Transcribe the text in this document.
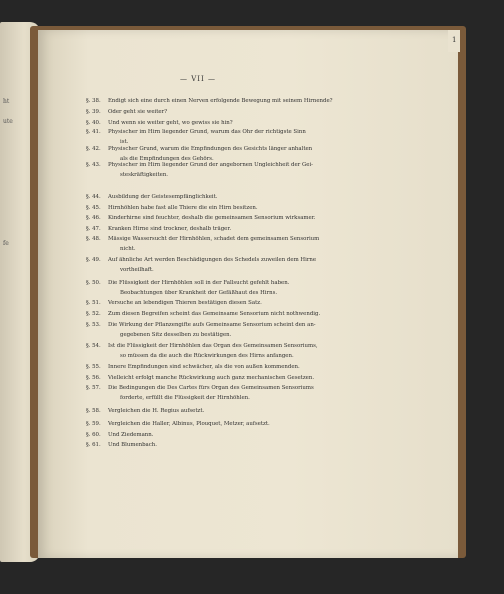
ht
ute
fe
1
— VII —
§. 38. Endigt sich eine durch einen Nerven erfolgende Bewegung mit seinem Hirnende?
§. 39. Oder geht sie weiter?
§. 40. Und wenn sie weiter geht, wo gewiss sie hin?
§. 41. Physischer im Hirn liegender Grund, warum das Ohr der richtigste Sinn
ist.
§. 42. Physischer Grund, warum die Empfindungen des Gesichts länger anhalten
als die Empfindungen des Gehörs.
§. 43. Physischer im Hirn liegender Grund der angebornen Ungleichheit der Gei-
steskräftigkeiten.
§. 44. Ausbildung der Geistesempfänglichkeit.
§. 45. Hirnhöhlen habe fast alle Thiere die ein Hirn besitzen.
§. 46. Kinderhirne sind feuchter, deshalb die gemeinsamen Sensorium wirksamer.
§. 47. Kranken Hirne sind trockner, deshalb träger.
§. 48. Mässige Wassersucht der Hirnhöhlen, schadet dem gemeinsamen Sensorium
nicht.
§. 49. Auf ähnliche Art werden Beschädigungen des Schedels zuweilen dem Hirne
vortheilhaft.
§. 50. Die Flüssigkeit der Hirnhöhlen soll in der Fallsucht gefehlt haben.
Beobachtungen über Krankheit der Gefäßhaut des Hirns.
§. 51. Versuche an lebendigen Thieren bestätigen diesen Satz.
§. 52. Zum diesen Begreifen scheint das Gemeinsame Sensorium nicht nothwendig.
§. 53. Die Wirkung der Pflanzengifte aufs Gemeinsame Sensorium scheint den an-
gegebenen Sitz desselben zu bestätigen.
§. 54. Ist die Flüssigkeit der Hirnhöhlen das Organ des Gemeinsamen Sensoriums,
so müssen da die auch die Rückwirkungen des Hirns anfangen.
§. 55. Innere Empfindungen sind schwächer, als die von außen kommenden.
§. 56. Vielleicht erfolgt manche Rückwirkung auch ganz mechanischen Gesetzen.
§. 57. Die Bedingungen die Des Cartes fürs Organ des Gemeinsamen Sensoriums
forderte, erfüllt die Flüssigkeit der Hirnhöhlen.
§. 58. Vergleichen die H. Regius aufsetzt.
§. 59. Vergleichen die Haller, Albinus, Plouquet, Metzer, aufsetzt.
§. 60. Und Ziedemann.
§. 61. Und Blumenbach.
